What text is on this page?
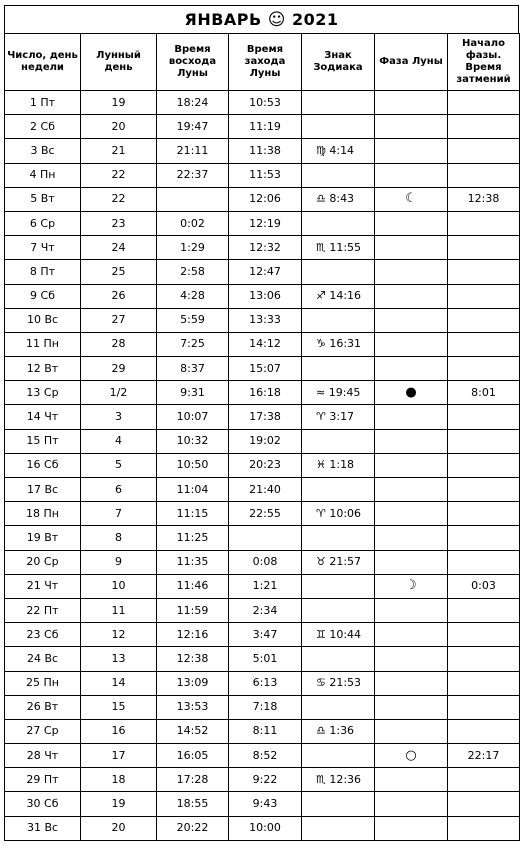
ЯНВАРЬ ☺ 2021
Число, день недели	Лунный день	Время восхода Луны	Время захода Луны	Знак Зодиака	Фаза Луны	Начало фазы. Время затмений
1 Пт	19	18:24	10:53			
2 Сб	20	19:47	11:19			
3 Вс	21	21:11	11:38	♍ 4:14		
4 Пн	22	22:37	11:53			
5 Вт	22		12:06	♎ 8:43	☾	12:38
6 Ср	23	0:02	12:19			
7 Чт	24	1:29	12:32	♏ 11:55		
8 Пт	25	2:58	12:47			
9 Сб	26	4:28	13:06	♐ 14:16		
10 Вс	27	5:59	13:33			
11 Пн	28	7:25	14:12	♑ 16:31		
12 Вт	29	8:37	15:07			
13 Ср	1/2	9:31	16:18	≈ 19:45	●	8:01
14 Чт	3	10:07	17:38	♈ 3:17		
15 Пт	4	10:32	19:02			
16 Сб	5	10:50	20:23	♓ 1:18		
17 Вс	6	11:04	21:40			
18 Пн	7	11:15	22:55	♈ 10:06		
19 Вт	8	11:25				
20 Ср	9	11:35	0:08	♉ 21:57		
21 Чт	10	11:46	1:21		☽	0:03
22 Пт	11	11:59	2:34			
23 Сб	12	12:16	3:47	♊ 10:44		
24 Вс	13	12:38	5:01			
25 Пн	14	13:09	6:13	♋ 21:53		
26 Вт	15	13:53	7:18			
27 Ср	16	14:52	8:11	♎ 1:36		
28 Чт	17	16:05	8:52		○	22:17
29 Пт	18	17:28	9:22	♏ 12:36		
30 Сб	19	18:55	9:43			
31 Вс	20	20:22	10:00			
